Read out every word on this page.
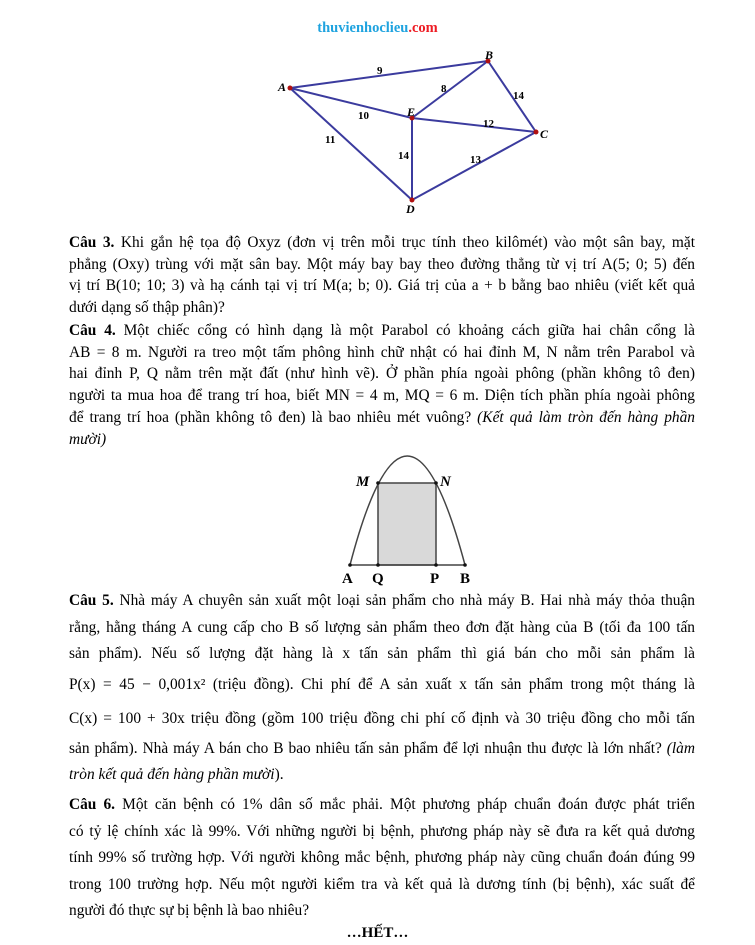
thuvienhoclieu.com
A
B
C
D
E
9
10
11
8
14
12
14	13
M	N
A Q	P B
Câu 3. Khi gắn hệ tọa độ Oxyz (đơn vị trên mỗi trục tính theo kilômét) vào một sân bay, mặt
phẳng (Oxy) trùng với mặt sân bay. Một máy bay bay theo đường thẳng từ vị trí A(5; 0; 5) đến
vị trí B(10; 10; 3) và hạ cánh tại vị trí M(a; b; 0). Giá trị của a + b bằng bao nhiêu (viết kết quả
dưới dạng số thập phân)?
Câu 4. Một chiếc cổng có hình dạng là một Parabol có khoảng cách giữa hai chân cổng là
AB = 8 m. Người ra treo một tấm phông hình chữ nhật có hai đỉnh M, N nằm trên Parabol và
hai đỉnh P, Q nằm trên mặt đất (như hình vẽ). Ở phần phía ngoài phông (phần không tô đen)
người ta mua hoa để trang trí hoa, biết MN = 4 m, MQ = 6 m. Diện tích phần phía ngoài phông
để trang trí hoa (phần không tô đen) là bao nhiêu mét vuông? (Kết quả làm tròn đến hàng phần
mười)
Câu 5. Nhà máy A chuyên sản xuất một loại sản phẩm cho nhà máy B. Hai nhà máy thỏa thuận
rằng, hằng tháng A cung cấp cho B số lượng sản phẩm theo đơn đặt hàng của B (tối đa 100 tấn
sản phẩm). Nếu số lượng đặt hàng là x tấn sản phẩm thì giá bán cho mỗi sản phẩm là
P(x) = 45 − 0,001x² (triệu đồng). Chi phí để A sản xuất x tấn sản phẩm trong một tháng là
C(x) = 100 + 30x triệu đồng (gồm 100 triệu đồng chi phí cố định và 30 triệu đồng cho mỗi tấn
sản phẩm). Nhà máy A bán cho B bao nhiêu tấn sản phẩm để lợi nhuận thu được là lớn nhất? (làm
tròn kết quả đến hàng phần mười).
Câu 6. Một căn bệnh có 1% dân số mắc phải. Một phương pháp chuẩn đoán được phát triển
có tỷ lệ chính xác là 99%. Với những người bị bệnh, phương pháp này sẽ đưa ra kết quả dương
tính 99% số trường hợp. Với người không mắc bệnh, phương pháp này cũng chuẩn đoán đúng 99
trong 100 trường hợp. Nếu một người kiểm tra và kết quả là dương tính (bị bệnh), xác suất để
người đó thực sự bị bệnh là bao nhiêu?
…HẾT…
